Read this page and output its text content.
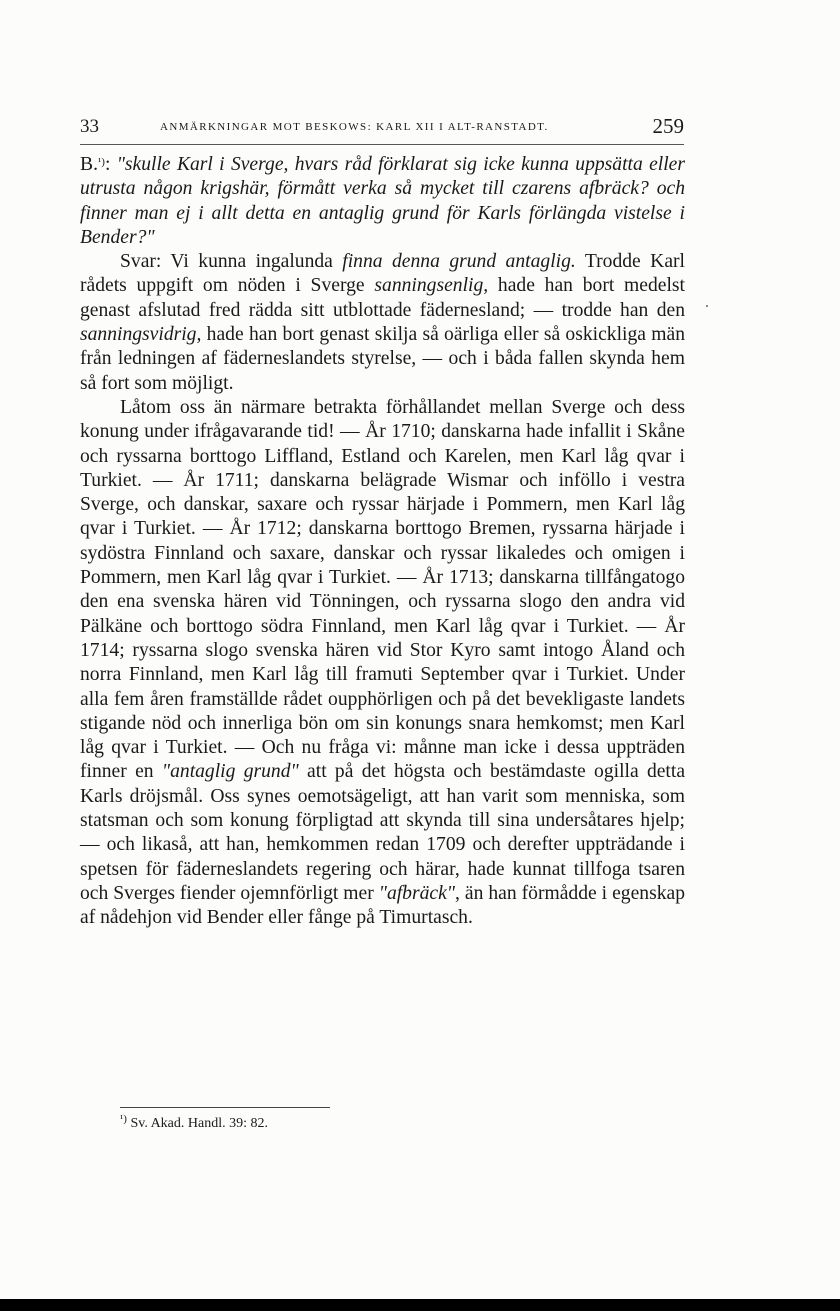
33	ANMÄRKNINGAR MOT BESKOWS: KARL XII I ALT-RANSTADT.	259

B.$^{^1)}$: "skulle Karl i Sverge, hvars råd förklarat sig icke kunna uppsätta eller utrusta någon krigshär, förmått verka så mycket till czarens afbräck? och finner man ej i allt detta en antaglig grund för Karls förlängda vistelse i Bender?"

Svar: Vi kunna ingalunda finna denna grund antaglig. Trodde Karl rådets uppgift om nöden i Sverge sanningsenlig, hade han bort medelst genast afslutad fred rädda sitt utblottade fädernesland; — trodde han den sanningsvidrig, hade han bort genast skilja så oärliga eller så oskickliga män från ledningen af fäderneslandets styrelse, — och i båda fallen skynda hem så fort som möjligt.

Låtom oss än närmare betrakta förhållandet mellan Sverge och dess konung under ifrågavarande tid! — År 1710; danskarna hade infallit i Skåne och ryssarna borttogo Liffland, Estland och Karelen, men Karl låg qvar i Turkiet. — År 1711; danskarna belägrade Wismar och inföllo i vestra Sverge, och danskar, saxare och ryssar härjade i Pommern, men Karl låg qvar i Turkiet. — År 1712; danskarna borttogo Bremen, ryssarna härjade i sydöstra Finnland och saxare, danskar och ryssar likaledes och omigen i Pommern, men Karl låg qvar i Turkiet. — År 1713; danskarna tillfångatogo den ena svenska hären vid Tönningen, och ryssarna slogo den andra vid Pälkäne och borttogo södra Finnland, men Karl låg qvar i Turkiet. — År 1714; ryssarna slogo svenska hären vid Stor Kyro samt intogo Åland och norra Finnland, men Karl låg till framuti September qvar i Turkiet. Under alla fem åren framställde rådet oupphörligen och på det bevekligaste landets stigande nöd och innerliga bön om sin konungs snara hemkomst; men Karl låg qvar i Turkiet. — Och nu fråga vi: månne man icke i dessa uppträden finner en "antaglig grund" att på det högsta och bestämdaste ogilla detta Karls dröjsmål. Oss synes oemotsägeligt, att han varit som menniska, som statsman och som konung förpligtad att skynda till sina undersåtares hjelp; — och likaså, att han, hemkommen redan 1709 och derefter uppträdande i spetsen för fäderneslandets regering och härar, hade kunnat tillfoga tsaren och Sverges fiender ojemnförligt mer "afbräck", än han förmådde i egenskap af nådehjon vid Bender eller fånge på Timurtasch.

$^{^1)}$ Sv. Akad. Handl. 39: 82.
